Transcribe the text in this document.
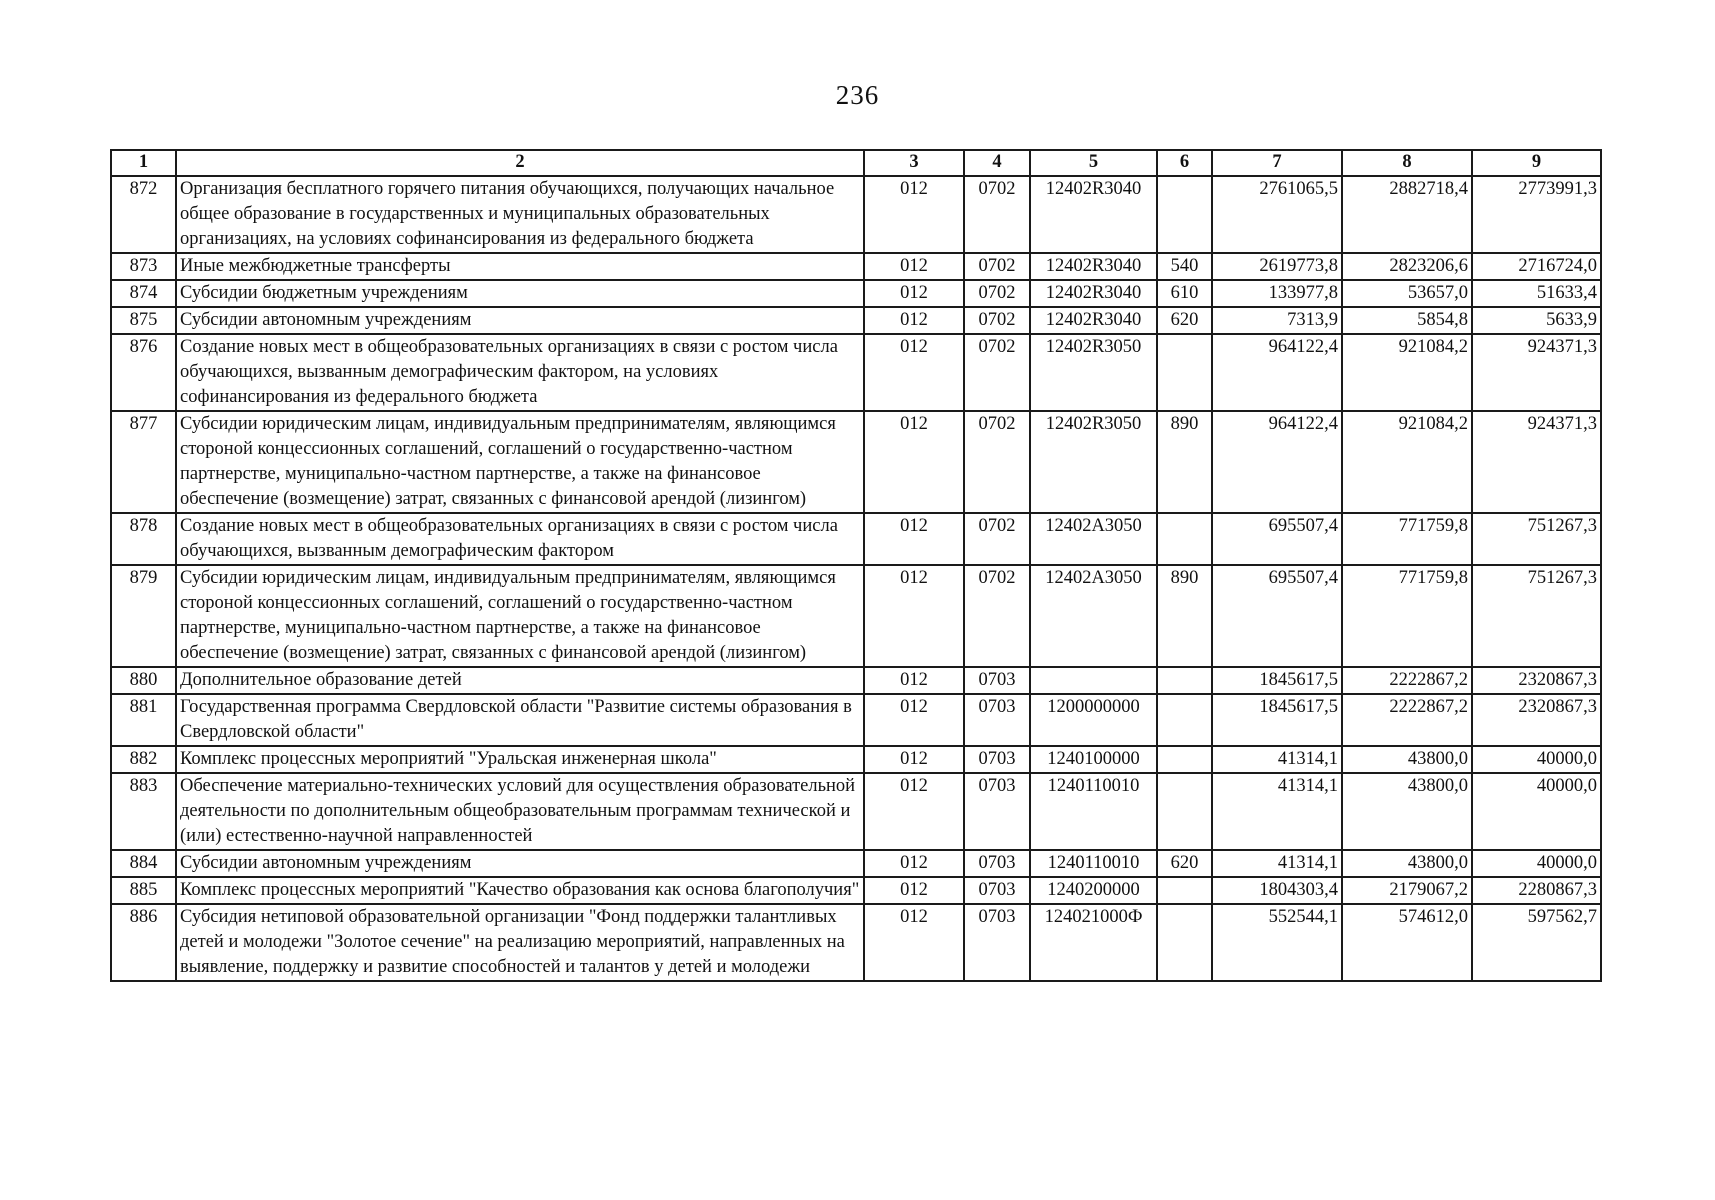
236
1	2	3	4	5	6	7	8	9
872	Организация бесплатного горячего питания обучающихся, получающих начальное общее образование в государственных и муниципальных образовательных организациях, на условиях софинансирования из федерального бюджета	012	0702	12402R3040		2761065,5	2882718,4	2773991,3
873	Иные межбюджетные трансферты	012	0702	12402R3040	540	2619773,8	2823206,6	2716724,0
874	Субсидии бюджетным учреждениям	012	0702	12402R3040	610	133977,8	53657,0	51633,4
875	Субсидии автономным учреждениям	012	0702	12402R3040	620	7313,9	5854,8	5633,9
876	Создание новых мест в общеобразовательных организациях в связи с ростом числа обучающихся, вызванным демографическим фактором, на условиях софинансирования из федерального бюджета	012	0702	12402R3050		964122,4	921084,2	924371,3
877	Субсидии юридическим лицам, индивидуальным предпринимателям, являющимся стороной концессионных соглашений, соглашений о государственно-частном партнерстве, муниципально-частном партнерстве, а также на финансовое обеспечение (возмещение) затрат, связанных с финансовой арендой (лизингом)	012	0702	12402R3050	890	964122,4	921084,2	924371,3
878	Создание новых мест в общеобразовательных организациях в связи с ростом числа обучающихся, вызванным демографическим фактором	012	0702	12402A3050		695507,4	771759,8	751267,3
879	Субсидии юридическим лицам, индивидуальным предпринимателям, являющимся стороной концессионных соглашений, соглашений о государственно-частном партнерстве, муниципально-частном партнерстве, а также на финансовое обеспечение (возмещение) затрат, связанных с финансовой арендой (лизингом)	012	0702	12402A3050	890	695507,4	771759,8	751267,3
880	Дополнительное образование детей	012	0703			1845617,5	2222867,2	2320867,3
881	Государственная программа Свердловской области "Развитие системы образования в Свердловской области"	012	0703	1200000000		1845617,5	2222867,2	2320867,3
882	Комплекс процессных мероприятий "Уральская инженерная школа"	012	0703	1240100000		41314,1	43800,0	40000,0
883	Обеспечение материально-технических условий для осуществления образовательной деятельности по дополнительным общеобразовательным программам технической и (или) естественно-научной направленностей	012	0703	1240110010		41314,1	43800,0	40000,0
884	Субсидии автономным учреждениям	012	0703	1240110010	620	41314,1	43800,0	40000,0
885	Комплекс процессных мероприятий "Качество образования как основа благополучия"	012	0703	1240200000		1804303,4	2179067,2	2280867,3
886	Субсидия нетиповой образовательной организации "Фонд поддержки талантливых детей и молодежи "Золотое сечение" на реализацию мероприятий, направленных на выявление, поддержку и развитие способностей и талантов у детей и молодежи	012	0703	124021000Ф		552544,1	574612,0	597562,7
